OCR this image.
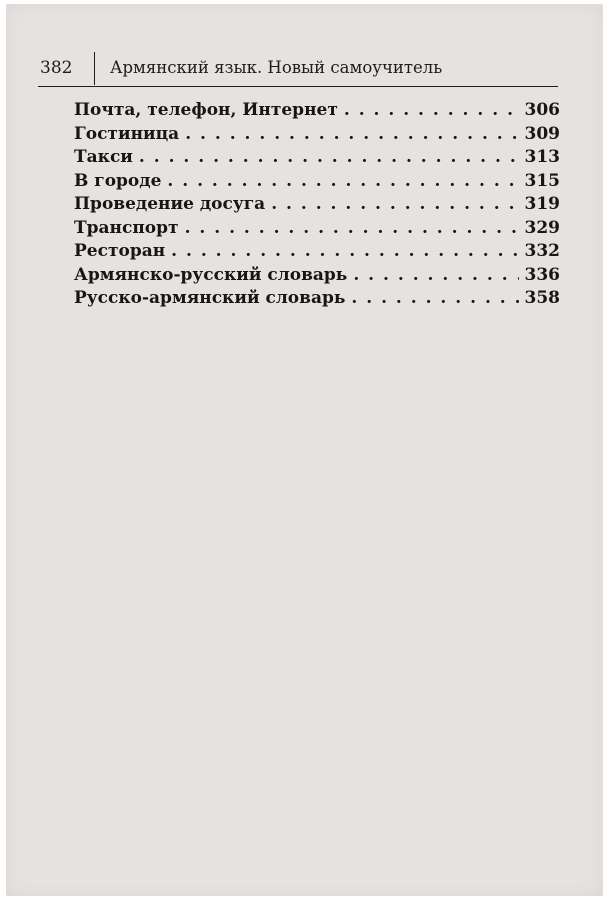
382 Армянский язык. Новый самоучитель
Почта, телефон, Интернет . . .	306
Гостиница . . .	309
Такси . . .	313
В городе . . .	315
Проведение досуга . . .	319
Транспорт . . .	329
Ресторан . . .	332
Армянско-русский словарь . . .	336
Русско-армянский словарь . . .	358
